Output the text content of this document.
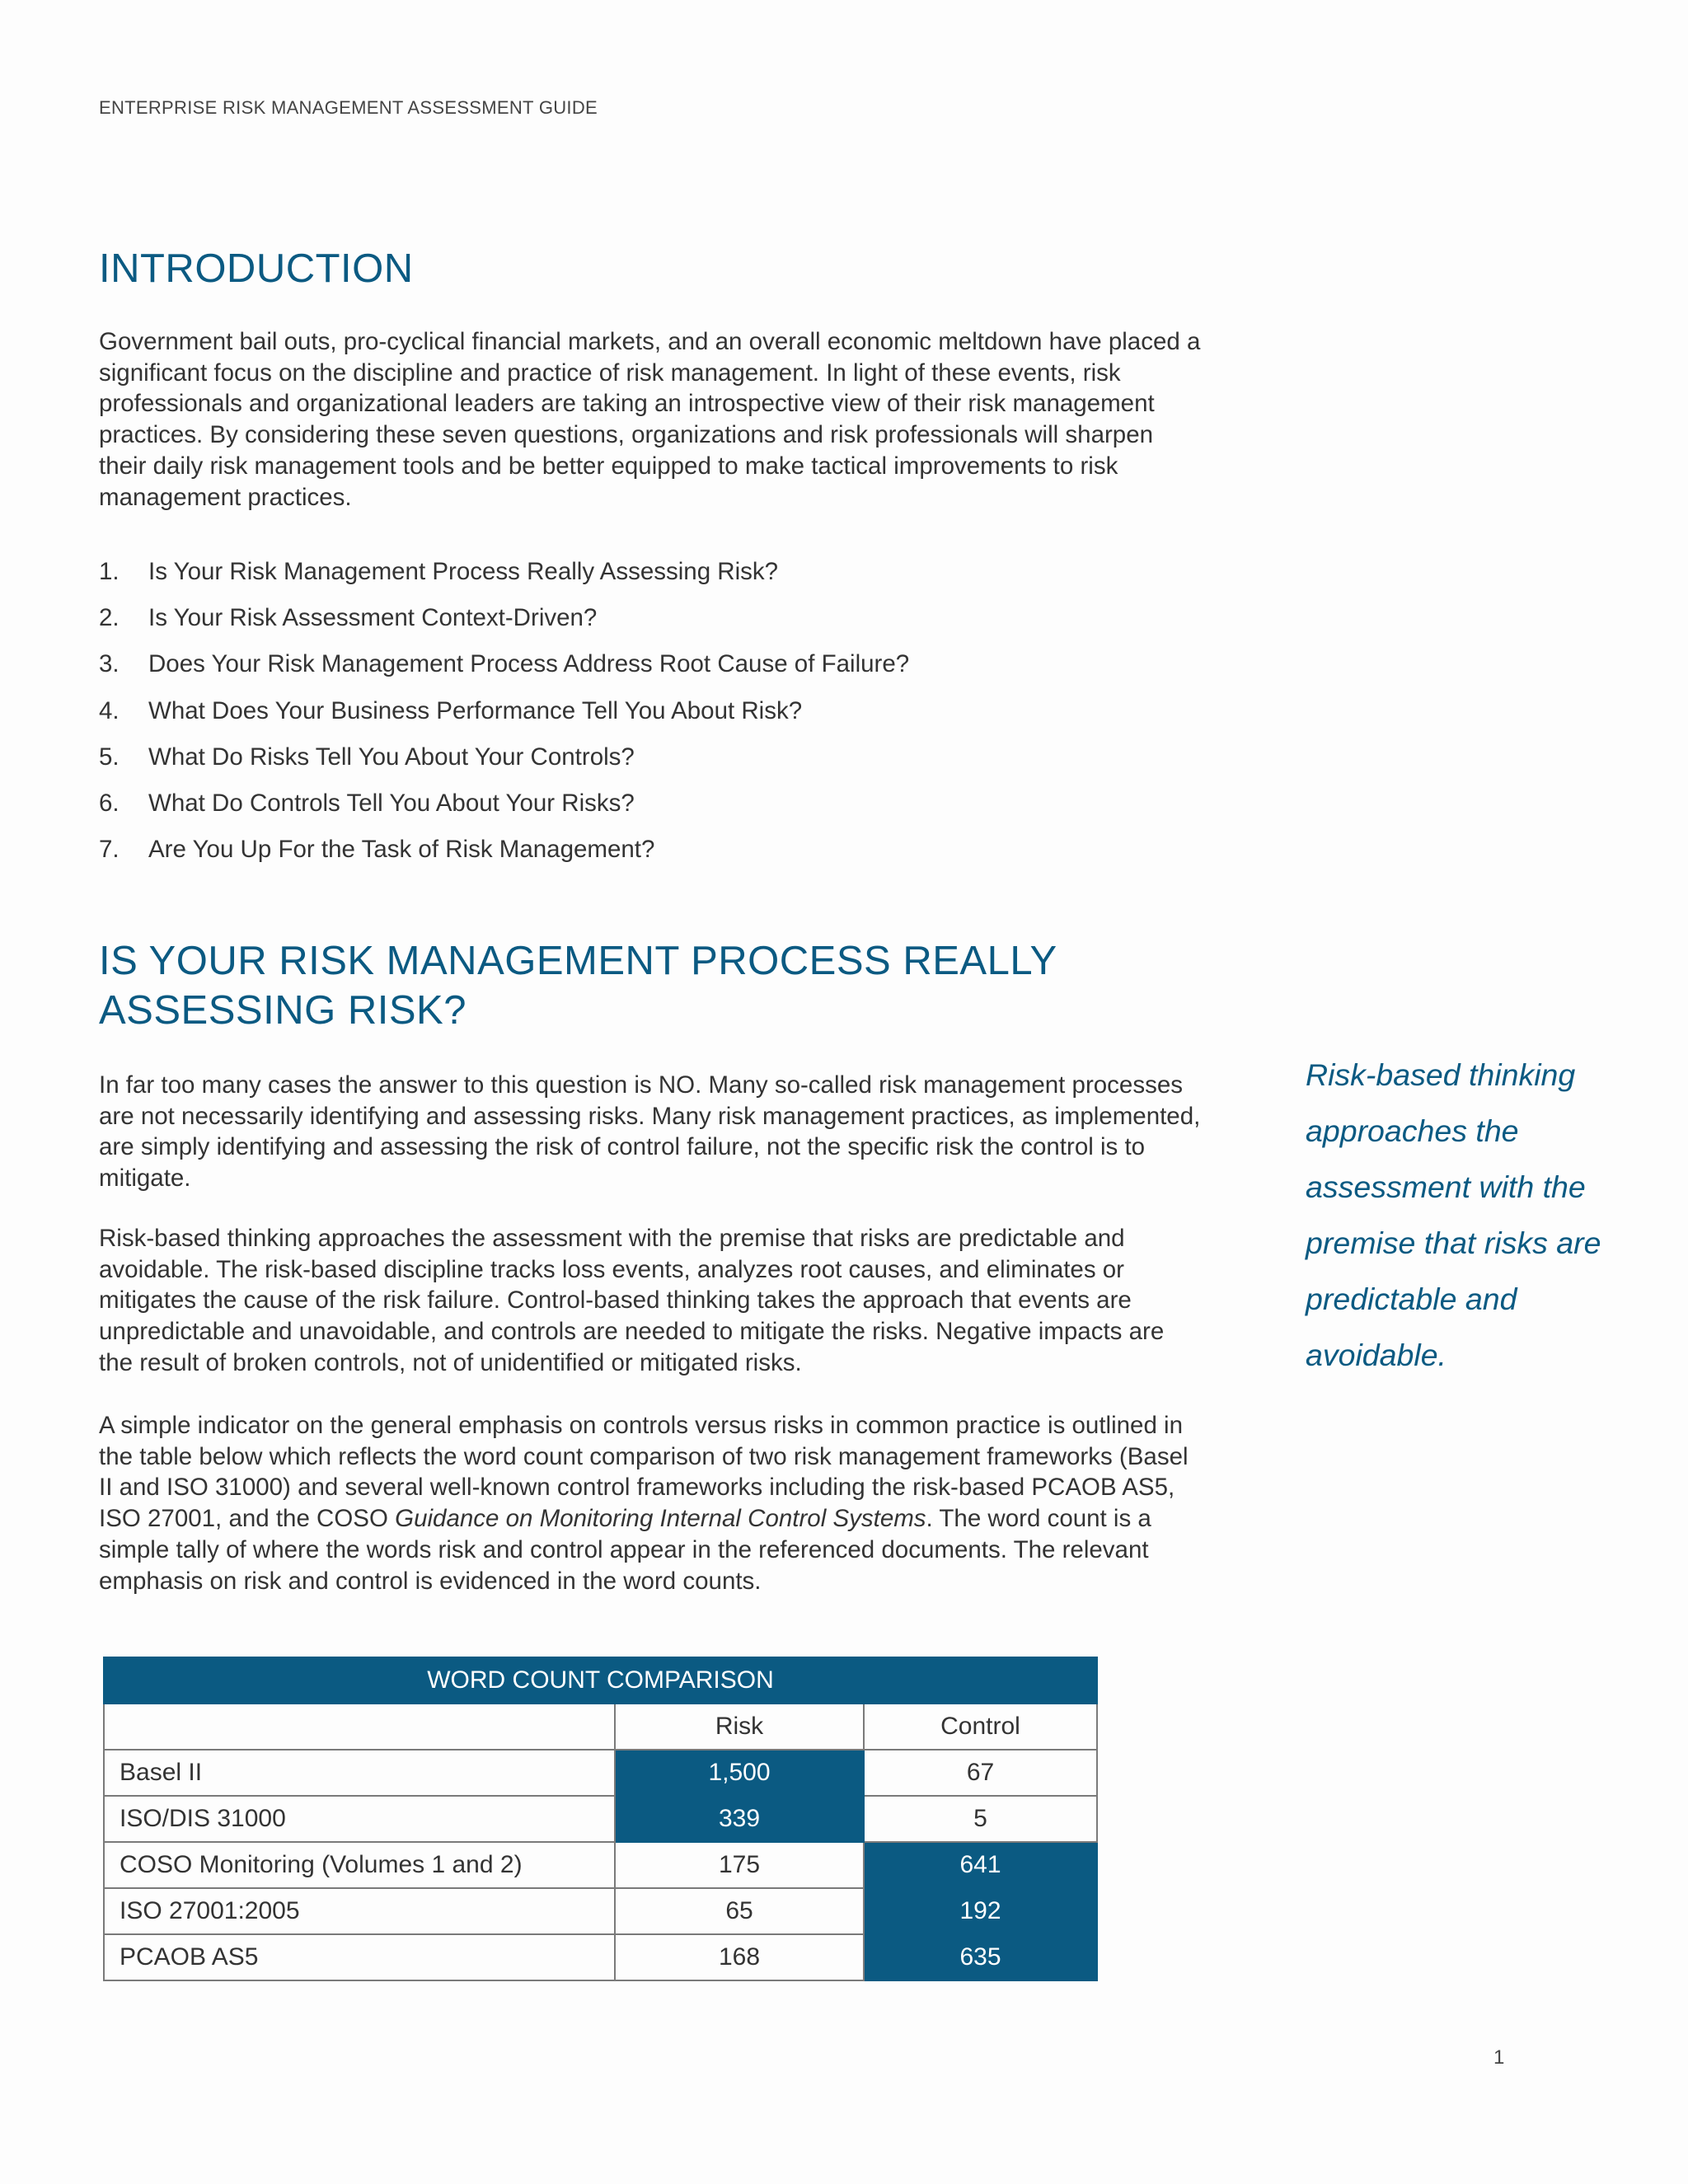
ENTERPRISE RISK MANAGEMENT ASSESSMENT GUIDE
INTRODUCTION

Government bail outs, pro-cyclical financial markets, and an overall economic meltdown have placed a significant focus on the discipline and practice of risk management. In light of these events, risk professionals and organizational leaders are taking an introspective view of their risk management practices. By considering these seven questions, organizations and risk professionals will sharpen their daily risk management tools and be better equipped to make tactical improvements to risk management practices.

1.	Is Your Risk Management Process Really Assessing Risk?
2.	Is Your Risk Assessment Context-Driven?
3.	Does Your Risk Management Process Address Root Cause of Failure?
4.	What Does Your Business Performance Tell You About Risk?
5.	What Do Risks Tell You About Your Controls?
6.	What Do Controls Tell You About Your Risks?
7.	Are You Up For the Task of Risk Management?
IS YOUR RISK MANAGEMENT PROCESS REALLY
ASSESSING RISK?

In far too many cases the answer to this question is NO. Many so-called risk management processes are not necessarily identifying and assessing risks. Many risk management practices, as implemented, are simply identifying and assessing the risk of control failure, not the specific risk the control is to mitigate.

Risk-based thinking approaches the assessment with the premise that risks are predictable and avoidable. The risk-based discipline tracks loss events, analyzes root causes, and eliminates or mitigates the cause of the risk failure. Control-based thinking takes the approach that events are unpredictable and unavoidable, and controls are needed to mitigate the risks. Negative impacts are the result of broken controls, not of unidentified or mitigated risks.

A simple indicator on the general emphasis on controls versus risks in common practice is outlined in the table below which reflects the word count comparison of two risk management frameworks (Basel II and ISO 31000) and several well-known control frameworks including the risk-based PCAOB AS5, ISO 27001, and the COSO Guidance on Monitoring Internal Control Systems. The word count is a simple tally of where the words risk and control appear in the referenced documents. The relevant emphasis on risk and control is evidenced in the word counts.

Risk-based thinking approaches the assessment with the premise that risks are predictable and avoidable.
WORD COUNT COMPARISON		
	Risk	Control
Basel II	1,500	67
ISO/DIS 31000	339	5
COSO Monitoring (Volumes 1 and 2)	175	641
ISO 27001:2005	65	192
PCAOB AS5	168	635
1
